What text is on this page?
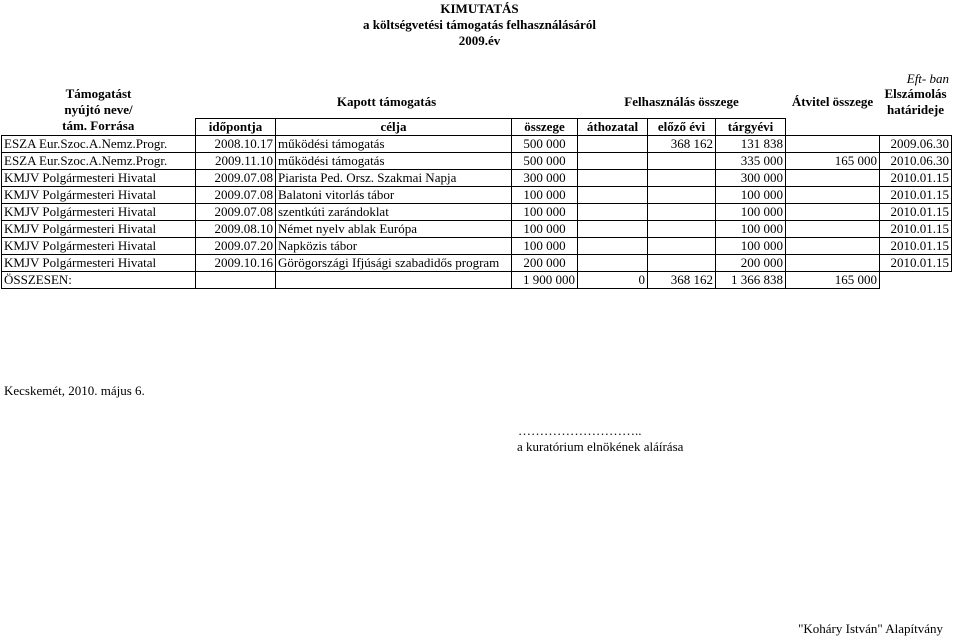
KIMUTATÁS
a költségvetési támogatás felhasználásáról
2009.év
Eft- ban
Támogatást	Kapott támogatás			Felhasználás összege			Átvitel összege	Elszámolás
nyújtó neve/								határideje
tám. Forrása	időpontja	célja	összege	áthozatal	előző évi	tárgyévi		
ESZA Eur.Szoc.A.Nemz.Progr.	2008.10.17	működési támogatás	500 000		368 162	131 838		2009.06.30
ESZA Eur.Szoc.A.Nemz.Progr.	2009.11.10	működési támogatás	500 000			335 000	165 000	2010.06.30
KMJV Polgármesteri Hivatal	2009.07.08	Piarista Ped. Orsz. Szakmai Napja	300 000			300 000		2010.01.15
KMJV Polgármesteri Hivatal	2009.07.08	Balatoni vitorlás tábor	100 000			100 000		2010.01.15
KMJV Polgármesteri Hivatal	2009.07.08	szentkúti zarándoklat	100 000			100 000		2010.01.15
KMJV Polgármesteri Hivatal	2009.08.10	Német nyelv ablak Európa	100 000			100 000		2010.01.15
KMJV Polgármesteri Hivatal	2009.07.20	Napközis tábor	100 000			100 000		2010.01.15
KMJV Polgármesteri Hivatal	2009.10.16	Görögországi Ifjúsági szabadidős program	200 000			200 000		2010.01.15
ÖSSZESEN:			1 900 000	0	368 162	1 366 838	165 000	
Kecskemét, 2010. május 6.
………………………..
a kuratórium elnökének aláírása
"Koháry István" Alapítvány
